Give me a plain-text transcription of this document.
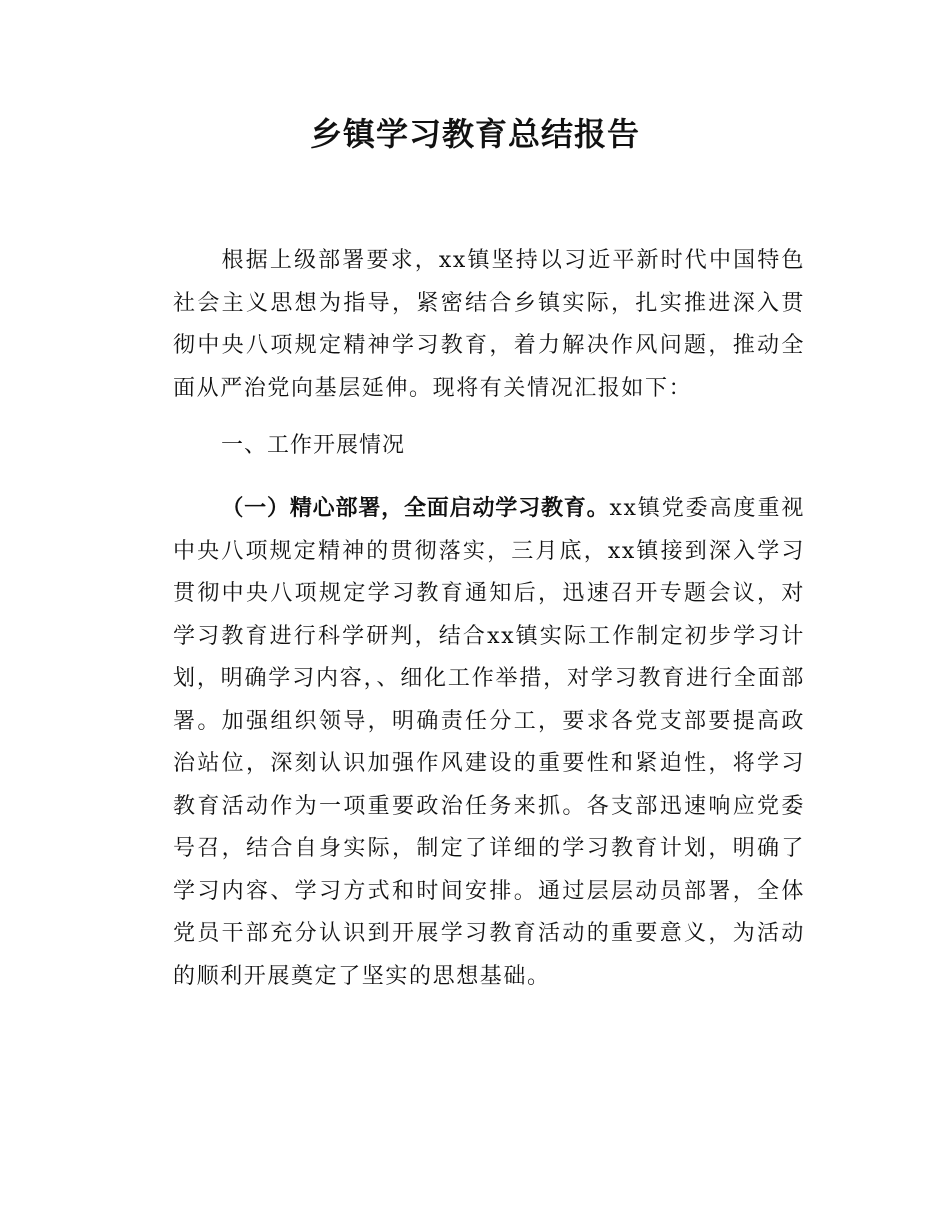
乡镇学习教育总结报告

根据上级部署要求，xx镇坚持以习近平新时代中国特色社会主义思想为指导，紧密结合乡镇实际，扎实推进深入贯彻中央八项规定精神学习教育，着力解决作风问题，推动全面从严治党向基层延伸。现将有关情况汇报如下：

一、工作开展情况

（一）精心部署，全面启动学习教育。xx镇党委高度重视中央八项规定精神的贯彻落实，三月底，xx镇接到深入学习贯彻中央八项规定学习教育通知后，迅速召开专题会议，对学习教育进行科学研判，结合xx镇实际工作制定初步学习计划，明确学习内容，、细化工作举措，对学习教育进行全面部署。加强组织领导，明确责任分工，要求各党支部要提高政治站位，深刻认识加强作风建设的重要性和紧迫性，将学习教育活动作为一项重要政治任务来抓。各支部迅速响应党委号召，结合自身实际，制定了详细的学习教育计划，明确了学习内容、学习方式和时间安排。通过层层动员部署，全体党员干部充分认识到开展学习教育活动的重要意义，为活动的顺利开展奠定了坚实的思想基础。
